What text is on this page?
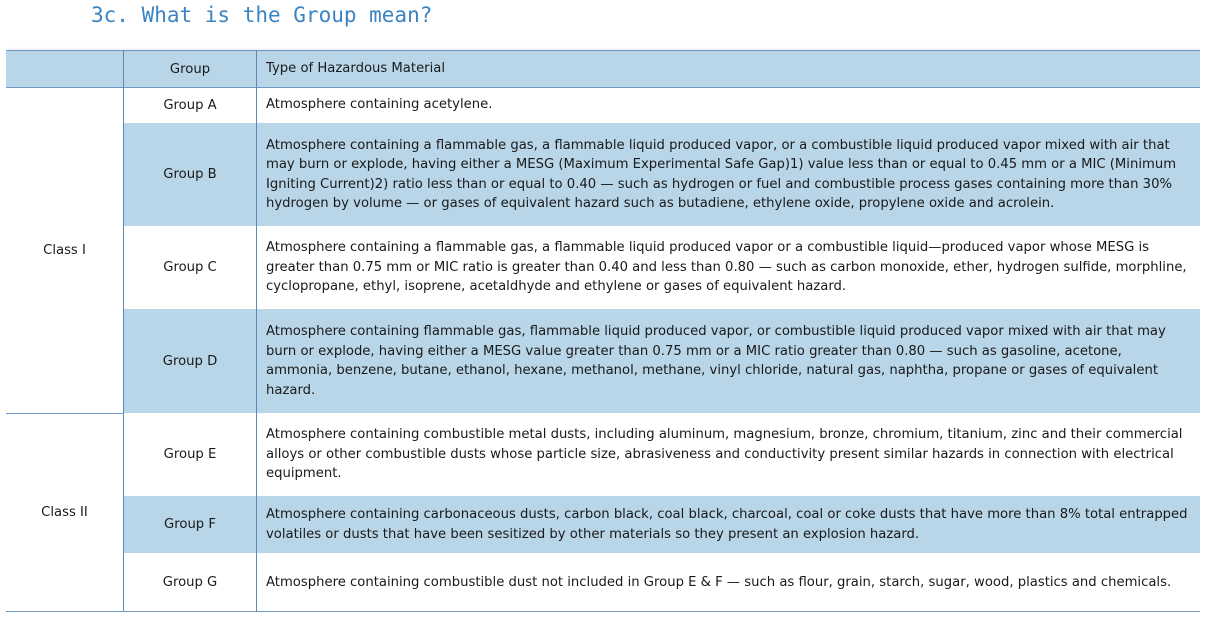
3c. What is the Group mean?
	Group	Type of Hazardous Material
Class I	Group A	Atmosphere containing acetylene.
	Group B	Atmosphere containing a flammable gas, a flammable liquid produced vapor, or a combustible liquid produced vapor mixed with air that may burn or explode, having either a MESG (Maximum Experimental Safe Gap)1) value less than or equal to 0.45 mm or a MIC (Minimum Igniting Current)2) ratio less than or equal to 0.40 — such as hydrogen or fuel and combustible process gases containing more than 30% hydrogen by volume — or gases of equivalent hazard such as butadiene, ethylene oxide, propylene oxide and acrolein.
	Group C	Atmosphere containing a flammable gas, a flammable liquid produced vapor or a combustible liquid—produced vapor whose MESG is greater than 0.75 mm or MIC ratio is greater than 0.40 and less than 0.80 — such as carbon monoxide, ether, hydrogen sulfide, morphline, cyclopropane, ethyl, isoprene, acetaldhyde and ethylene or gases of equivalent hazard.
	Group D	Atmosphere containing flammable gas, flammable liquid produced vapor, or combustible liquid produced vapor mixed with air that may burn or explode, having either a MESG value greater than 0.75 mm or a MIC ratio greater than 0.80 — such as gasoline, acetone, ammonia, benzene, butane, ethanol, hexane, methanol, methane, vinyl chloride, natural gas, naphtha, propane or gases of equivalent hazard.
Class II	Group E	Atmosphere containing combustible metal dusts, including aluminum, magnesium, bronze, chromium, titanium, zinc and their commercial alloys or other combustible dusts whose particle size, abrasiveness and conductivity present similar hazards in connection with electrical equipment.
	Group F	Atmosphere containing carbonaceous dusts, carbon black, coal black, charcoal, coal or coke dusts that have more than 8% total entrapped volatiles or dusts that have been sesitized by other materials so they present an explosion hazard.
	Group G	Atmosphere containing combustible dust not included in Group E & F — such as flour, grain, starch, sugar, wood, plastics and chemicals.
